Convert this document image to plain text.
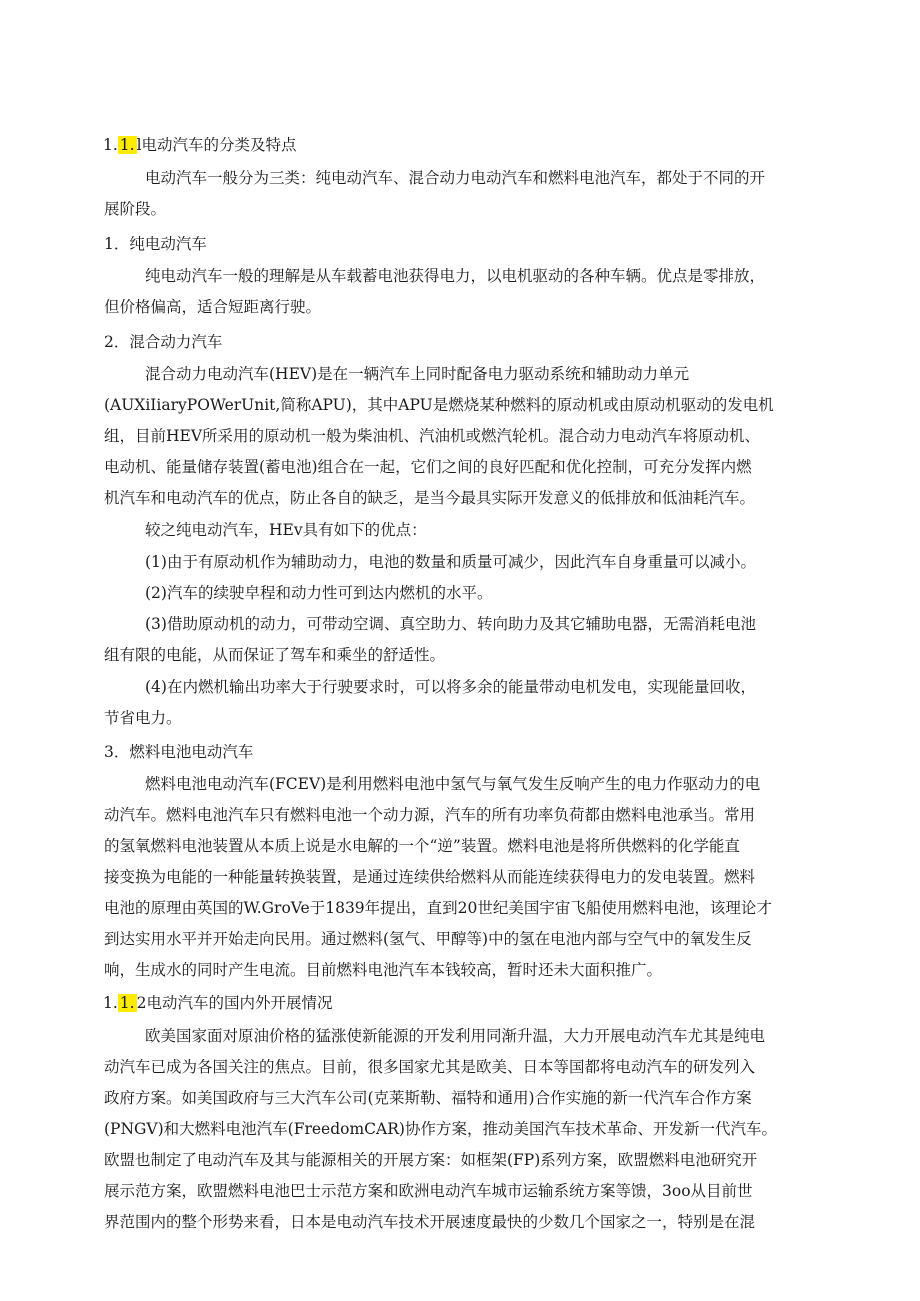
1. 1. l电动汽车的分类及特点
电动汽车一般分为三类：纯电动汽车、混合动力电动汽车和燃料电池汽车，都处于不同的开
展阶段。
1．纯电动汽车
纯电动汽车一般的理解是从车载蓄电池获得电力，以电机驱动的各种车辆。优点是零排放，
但价格偏高，适合短距离行驶。
2．混合动力汽车
混合动力电动汽车(HEV)是在一辆汽车上同时配备电力驱动系统和辅助动力单元
(AUXiIiaryPOWerUnit,简称APU)，其中APU是燃烧某种燃料的原动机或由原动机驱动的发电机
组，目前HEV所采用的原动机一般为柴油机、汽油机或燃汽轮机。混合动力电动汽车将原动机、
电动机、能量储存装置(蓄电池)组合在一起，它们之间的良好匹配和优化控制，可充分发挥内燃
机汽车和电动汽车的优点，防止各自的缺乏，是当今最具实际开发意义的低排放和低油耗汽车。
较之纯电动汽车，HEv具有如下的优点：
(1)由于有原动机作为辅助动力，电池的数量和质量可减少，因此汽车自身重量可以减小。
(2)汽车的续驶皁程和动力性可到达内燃机的水平。
(3)借助原动机的动力，可带动空调、真空助力、转向助力及其它辅助电器，无需消耗电池
组有限的电能，从而保证了驾车和乘坐的舒适性。
(4)在内燃机输出功率大于行驶要求时，可以将多余的能量带动电机发电，实现能量回收，
节省电力。
3．燃料电池电动汽车
燃料电池电动汽车(FCEV)是利用燃料电池中氢气与氧气发生反响产生的电力作驱动力的电
动汽车。燃料电池汽车只有燃料电池一个动力源，汽车的所有功率负荷都由燃料电池承当。常用
的氢氧燃料电池装置从本质上说是水电解的一个“逆”装置。燃料电池是将所供燃料的化学能直
接变换为电能的一种能量转换装置，是通过连续供给燃料从而能连续获得电力的发电装置。燃料
电池的原理由英国的W.GroVe于1839年提出，直到20世纪美国宇宙飞船使用燃料电池，该理论才
到达实用水平并开始走向民用。通过燃料(氢气、甲醇等)中的氢在电池内部与空气中的氧发生反
响，生成水的同时产生电流。目前燃料电池汽车本钱较高，暂时还未大面积推广。
1. 1. 2电动汽车的国内外开展情况
欧美国家面对原油价格的猛涨使新能源的开发利用同渐升温，大力开展电动汽车尤其是纯电
动汽车已成为各国关注的焦点。目前，很多国家尤其是欧美、日本等国都将电动汽车的研发列入
政府方案。如美国政府与三大汽车公司(克莱斯勒、福特和通用)合作实施的新一代汽车合作方案
(PNGV)和大燃料电池汽车(FreedomCAR)协作方案，推动美国汽车技术革命、开发新一代汽车。
欧盟也制定了电动汽车及其与能源相关的开展方案：如框架(FP)系列方案，欧盟燃料电池研究开
展示范方案，欧盟燃料电池巴士示范方案和欧洲电动汽车城市运输系统方案等馈，3oo从目前世
界范围内的整个形势来看，日本是电动汽车技术开展速度最快的少数几个国家之一，特别是在混
